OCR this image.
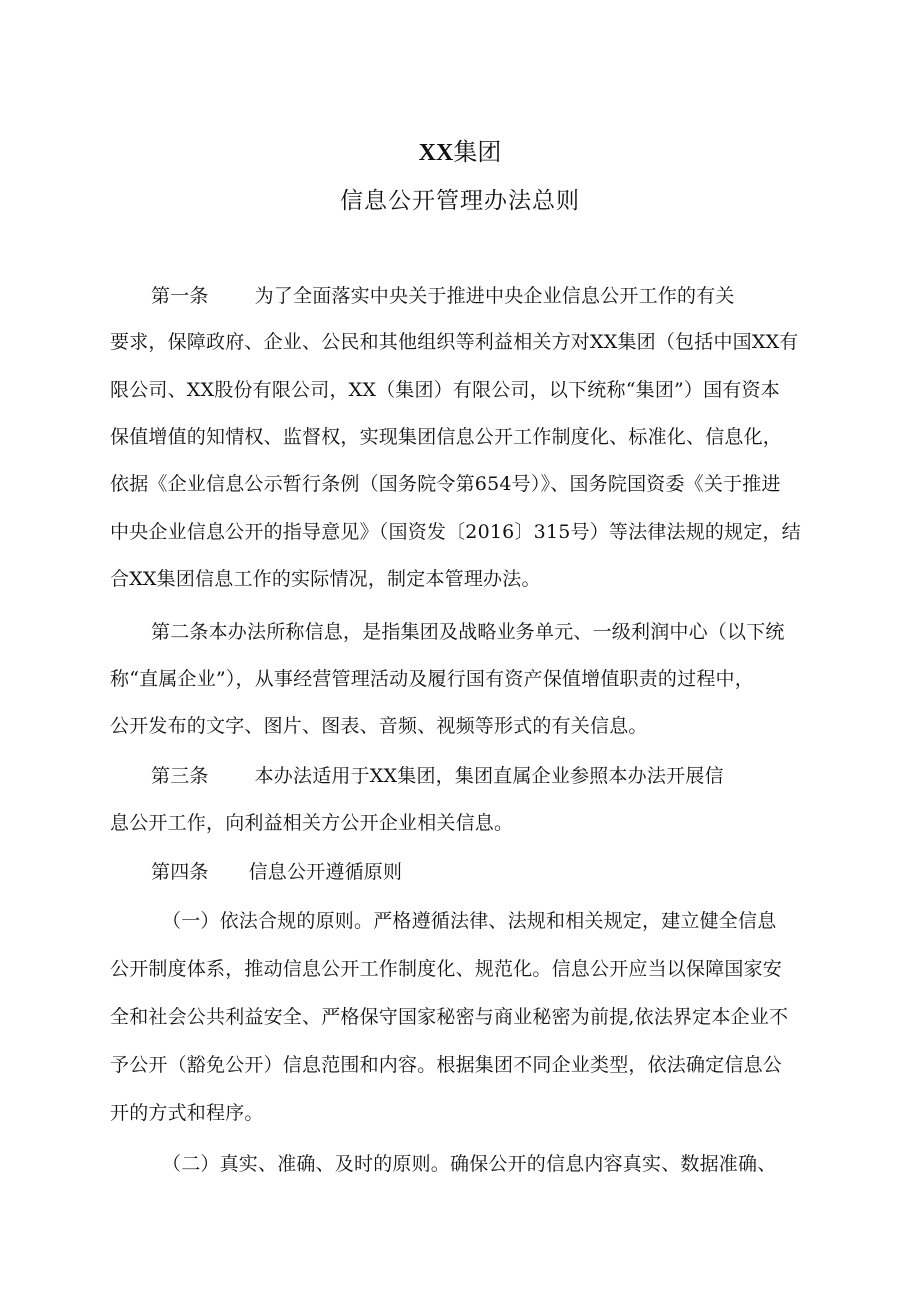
XX集团
信息公开管理办法总则
第一条 为了全面落实中央关于推进中央企业信息公开工作的有关
要求，保障政府、企业、公民和其他组织等利益相关方对XX集团（包括中国XX有
限公司、XX股份有限公司，XX（集团）有限公司，以下统称“集团”）国有资本
保值增值的知情权、监督权，实现集团信息公开工作制度化、标准化、信息化，
依据《企业信息公示暂行条例（国务院令第654号）》、国务院国资委《关于推进
中央企业信息公开的指导意见》（国资发〔2016〕315号）等法律法规的规定，结
合XX集团信息工作的实际情况，制定本管理办法。
第二条本办法所称信息，是指集团及战略业务单元、一级利润中心（以下统
称“直属企业”），从事经营管理活动及履行国有资产保值增值职责的过程中，
公开发布的文字、图片、图表、音频、视频等形式的有关信息。
第三条 本办法适用于XX集团，集团直属企业参照本办法开展信
息公开工作，向利益相关方公开企业相关信息。
第四条 信息公开遵循原则
（一）依法合规的原则。严格遵循法律、法规和相关规定，建立健全信息
公开制度体系，推动信息公开工作制度化、规范化。信息公开应当以保障国家安
全和社会公共利益安全、严格保守国家秘密与商业秘密为前提,依法界定本企业不
予公开（豁免公开）信息范围和内容。根据集团不同企业类型，依法确定信息公
开的方式和程序。
（二）真实、准确、及时的原则。确保公开的信息内容真实、数据准确、
